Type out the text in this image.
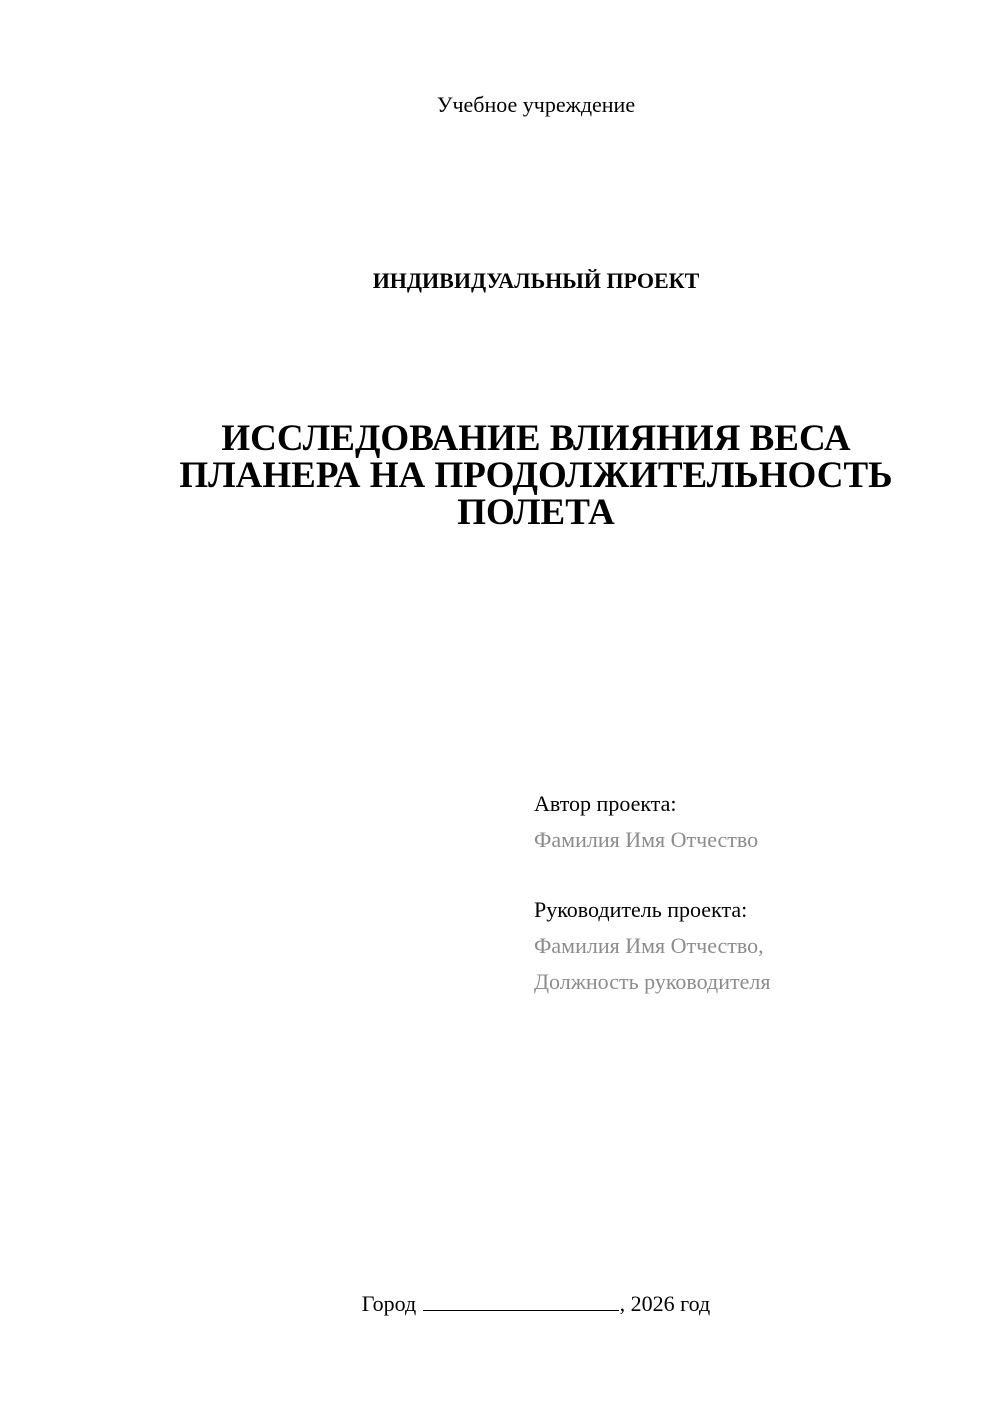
Учебное учреждение
ИНДИВИДУАЛЬНЫЙ ПРОЕКТ
ИССЛЕДОВАНИЕ ВЛИЯНИЯ ВЕСА
ПЛАНЕРА НА ПРОДОЛЖИТЕЛЬНОСТЬ
ПОЛЕТА
Автор проекта:
Фамилия Имя Отчество
Руководитель проекта:
Фамилия Имя Отчество,
Должность руководителя
Город	, 2026 год
